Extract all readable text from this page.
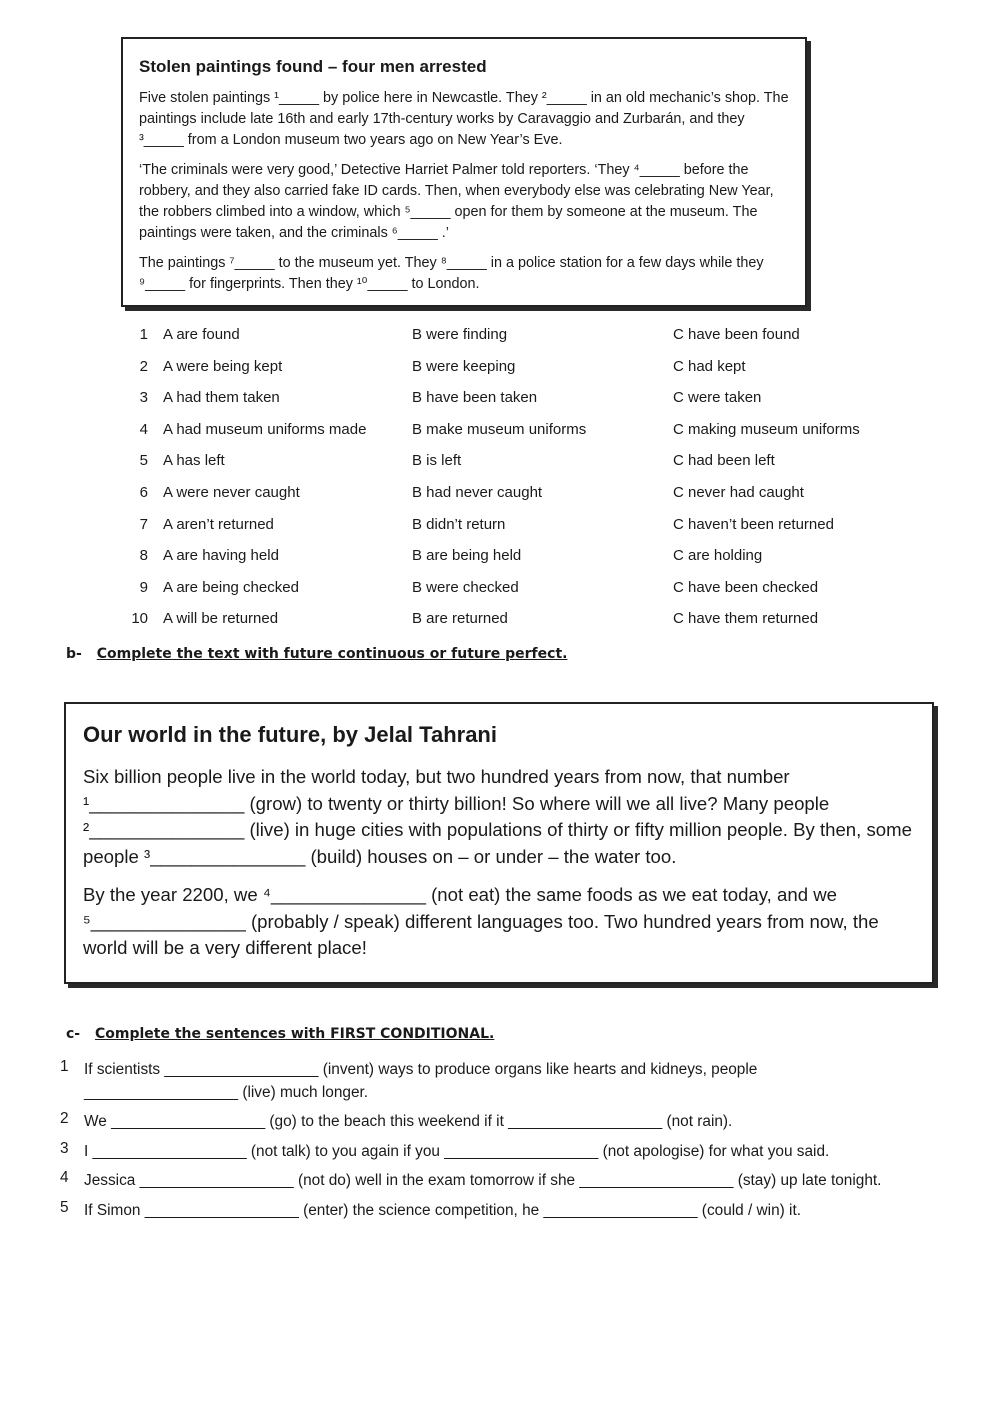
Stolen paintings found – four men arrested

Five stolen paintings ¹_____ by police here in Newcastle. They ²_____ in an old mechanic’s shop. The paintings include late 16th and early 17th-century works by Caravaggio and Zurbarán, and they ³_____ from a London museum two years ago on New Year’s Eve.

‘The criminals were very good,’ Detective Harriet Palmer told reporters. ‘They ⁴_____ before the robbery, and they also carried fake ID cards. Then, when everybody else was celebrating New Year, the robbers climbed into a window, which ⁵_____ open for them by someone at the museum. The paintings were taken, and the criminals ⁶_____ .’

The paintings ⁷_____ to the museum yet. They ⁸_____ in a police station for a few days while they ⁹_____ for fingerprints. Then they ¹⁰_____ to London.

1 A are found	B were finding	C have been found
2 A were being kept	B were keeping	C had kept
3 A had them taken	B have been taken	C were taken
4 A had museum uniforms made	B make museum uniforms	C making museum uniforms
5 A has left	B is left	C had been left
6 A were never caught	B had never caught	C never had caught
7 A aren’t returned	B didn’t return	C haven’t been returned
8 A are having held	B are being held	C are holding
9 A are being checked	B were checked	C have been checked
10 A will be returned	B are returned	C have them returned
b- Complete the text with future continuous or future perfect.
Our world in the future, by Jelal Tahrani

Six billion people live in the world today, but two hundred years from now, that number ¹_______________ (grow) to twenty or thirty billion! So where will we all live? Many people ²_______________ (live) in huge cities with populations of thirty or fifty million people. By then, some people ³_______________ (build) houses on – or under – the water too.

By the year 2200, we ⁴_______________ (not eat) the same foods as we eat today, and we ⁵_______________ (probably / speak) different languages too. Two hundred years from now, the world will be a very different place!

c- Complete the sentences with FIRST CONDITIONAL.
1 If scientists __________________ (invent) ways to produce organs like hearts and kidneys, people __________________ (live) much longer.
2 We __________________ (go) to the beach this weekend if it __________________ (not rain).
3 I __________________ (not talk) to you again if you __________________ (not apologise) for what you said.
4 Jessica __________________ (not do) well in the exam tomorrow if she __________________ (stay) up late tonight.
5 If Simon __________________ (enter) the science competition, he __________________ (could / win) it.
